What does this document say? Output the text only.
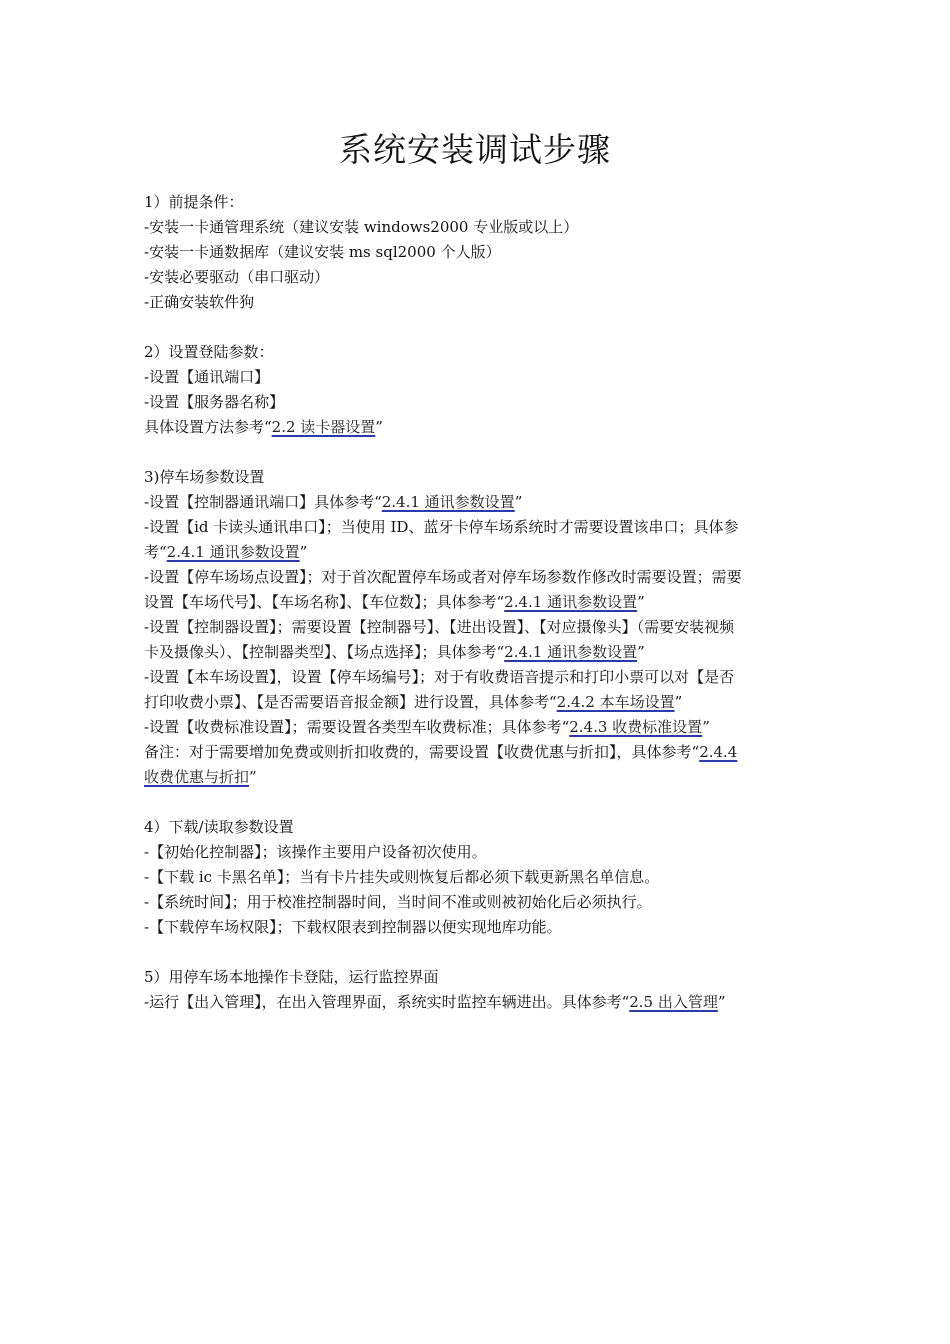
系统安装调试步骤
1）前提条件：
-安装一卡通管理系统（建议安装 windows2000 专业版或以上）
-安装一卡通数据库（建议安装 ms sql2000 个人版）
-安装必要驱动（串口驱动）
-正确安装软件狗
2）设置登陆参数：
-设置【通讯端口】
-设置【服务器名称】
具体设置方法参考“2.2 读卡器设置”
3)停车场参数设置
-设置【控制器通讯端口】具体参考“2.4.1 通讯参数设置”
-设置【id 卡读头通讯串口】；当使用 ID、蓝牙卡停车场系统时才需要设置该串口；具体参
考“2.4.1 通讯参数设置”
-设置【停车场场点设置】；对于首次配置停车场或者对停车场参数作修改时需要设置；需要
设置【车场代号】、【车场名称】、【车位数】；具体参考“2.4.1 通讯参数设置”
-设置【控制器设置】；需要设置【控制器号】、【进出设置】、【对应摄像头】（需要安装视频
卡及摄像头）、【控制器类型】、【场点选择】；具体参考“2.4.1 通讯参数设置”
-设置【本车场设置】，设置【停车场编号】；对于有收费语音提示和打印小票可以对【是否
打印收费小票】、【是否需要语音报金额】进行设置，具体参考“2.4.2 本车场设置”
-设置【收费标准设置】；需要设置各类型车收费标准；具体参考“2.4.3 收费标准设置”
备注：对于需要增加免费或则折扣收费的，需要设置【收费优惠与折扣】，具体参考“2.4.4
收费优惠与折扣”
4）下载/读取参数设置
-【初始化控制器】；该操作主要用户设备初次使用。
-【下载 ic 卡黑名单】；当有卡片挂失或则恢复后都必须下载更新黑名单信息。
-【系统时间】；用于校准控制器时间，当时间不准或则被初始化后必须执行。
-【下载停车场权限】；下载权限表到控制器以便实现地库功能。
5）用停车场本地操作卡登陆，运行监控界面
-运行【出入管理】，在出入管理界面，系统实时监控车辆进出。具体参考“2.5 出入管理”
